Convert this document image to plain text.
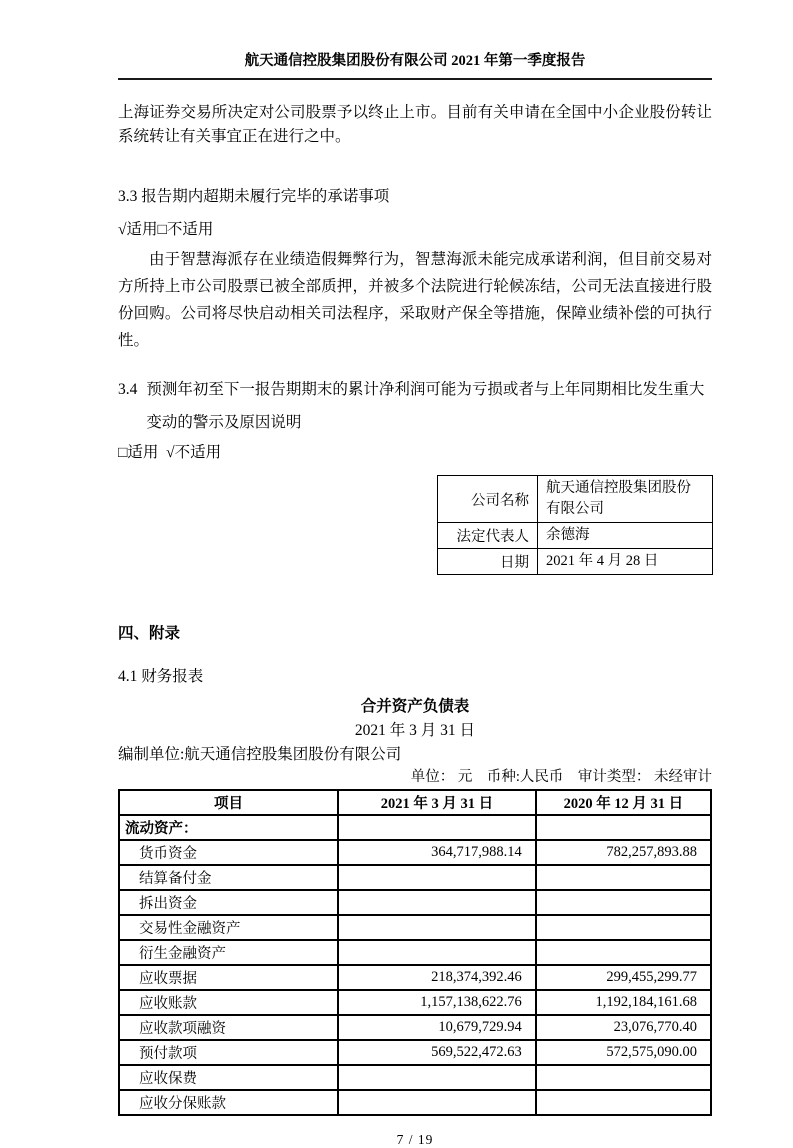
航天通信控股集团股份有限公司 2021 年第一季度报告

上海证券交易所决定对公司股票予以终止上市。目前有关申请在全国中小企业股份转让系统转让有关事宜正在进行之中。

3.3 报告期内超期未履行完毕的承诺事项
√适用□不适用

由于智慧海派存在业绩造假舞弊行为，智慧海派未能完成承诺利润，但目前交易对方所持上市公司股票已被全部质押，并被多个法院进行轮候冻结，公司无法直接进行股份回购。公司将尽快启动相关司法程序，采取财产保全等措施，保障业绩补偿的可执行性。

3.4 预测年初至下一报告期期末的累计净利润可能为亏损或者与上年同期相比发生重大变动的警示及原因说明
□适用  √不适用
公司名称	航天通信控股集团股份有限公司
法定代表人	余德海
日期	2021 年 4 月 28 日
四、附录
4.1 财务报表
合并资产负债表
2021 年 3 月 31 日
编制单位:航天通信控股集团股份有限公司
单位： 元　币种:人民币　审计类型： 未经审计
项目	2021 年 3 月 31 日	2020 年 12 月 31 日
流动资产：		
货币资金	364,717,988.14	782,257,893.88
结算备付金		
拆出资金		
交易性金融资产		
衍生金融资产		
应收票据	218,374,392.46	299,455,299.77
应收账款	1,157,138,622.76	1,192,184,161.68
应收款项融资	10,679,729.94	23,076,770.40
预付款项	569,522,472.63	572,575,090.00
应收保费		
应收分保账款		
7 / 19
